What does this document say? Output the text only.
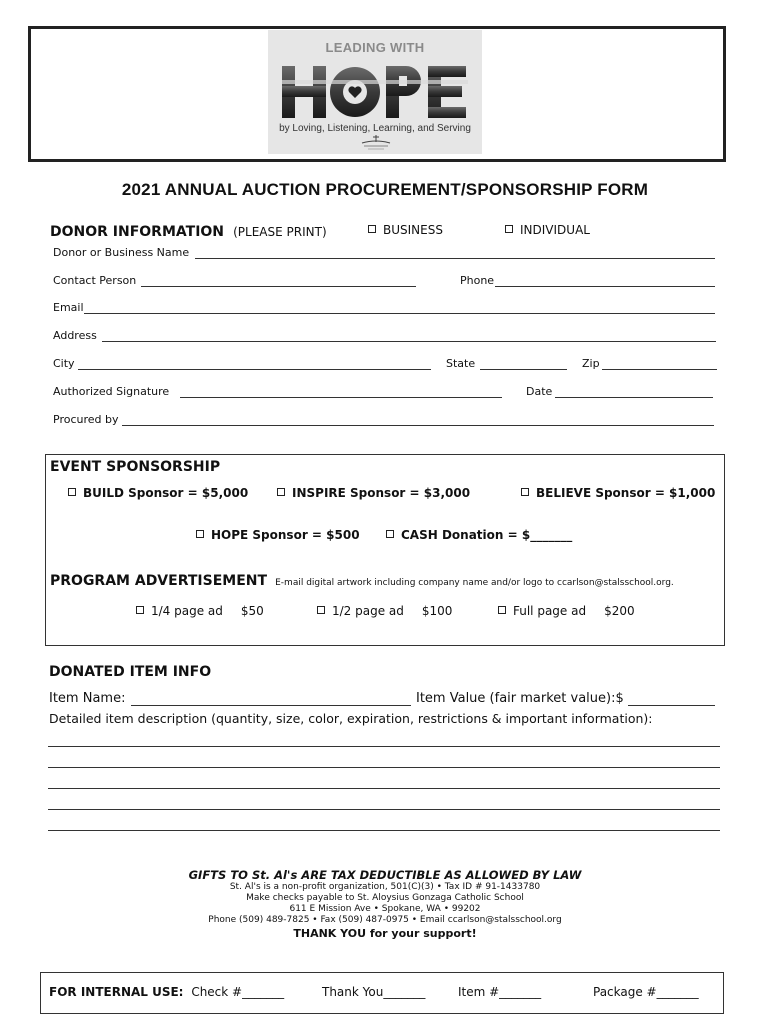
LEADING WITH
by Loving, Listening, Learning, and Serving
2021 ANNUAL AUCTION PROCUREMENT/SPONSORSHIP FORM
DONOR INFORMATION (PLEASE PRINT)	BUSINESS	INDIVIDUAL
Donor or Business Name
Contact Person	Phone
Email
Address
City	State	Zip
Authorized Signature	Date
Procured by
EVENT SPONSORSHIP
BUILD Sponsor = $5,000	INSPIRE Sponsor = $3,000	BELIEVE Sponsor = $1,000
HOPE Sponsor = $500	CASH Donation = $_______
PROGRAM ADVERTISEMENT E-mail digital artwork including company name and/or logo to ccarlson@stalsschool.org.
1/4 page ad $50	1/2 page ad $100	Full page ad $200
DONATED ITEM INFO
Item Name:	Item Value (fair market value):$
Detailed item description (quantity, size, color, expiration, restrictions & important information):
GIFTS TO St. Al's ARE TAX DEDUCTIBLE AS ALLOWED BY LAW
St. Al's is a non-profit organization, 501(C)(3) • Tax ID # 91-1433780
Make checks payable to St. Aloysius Gonzaga Catholic School
611 E Mission Ave • Spokane, WA • 99202
Phone (509) 489-7825 • Fax (509) 487-0975 • Email ccarlson@stalsschool.org
THANK YOU for your support!
FOR INTERNAL USE: Check #_______	Thank You_______	Item #_______	Package #_______
